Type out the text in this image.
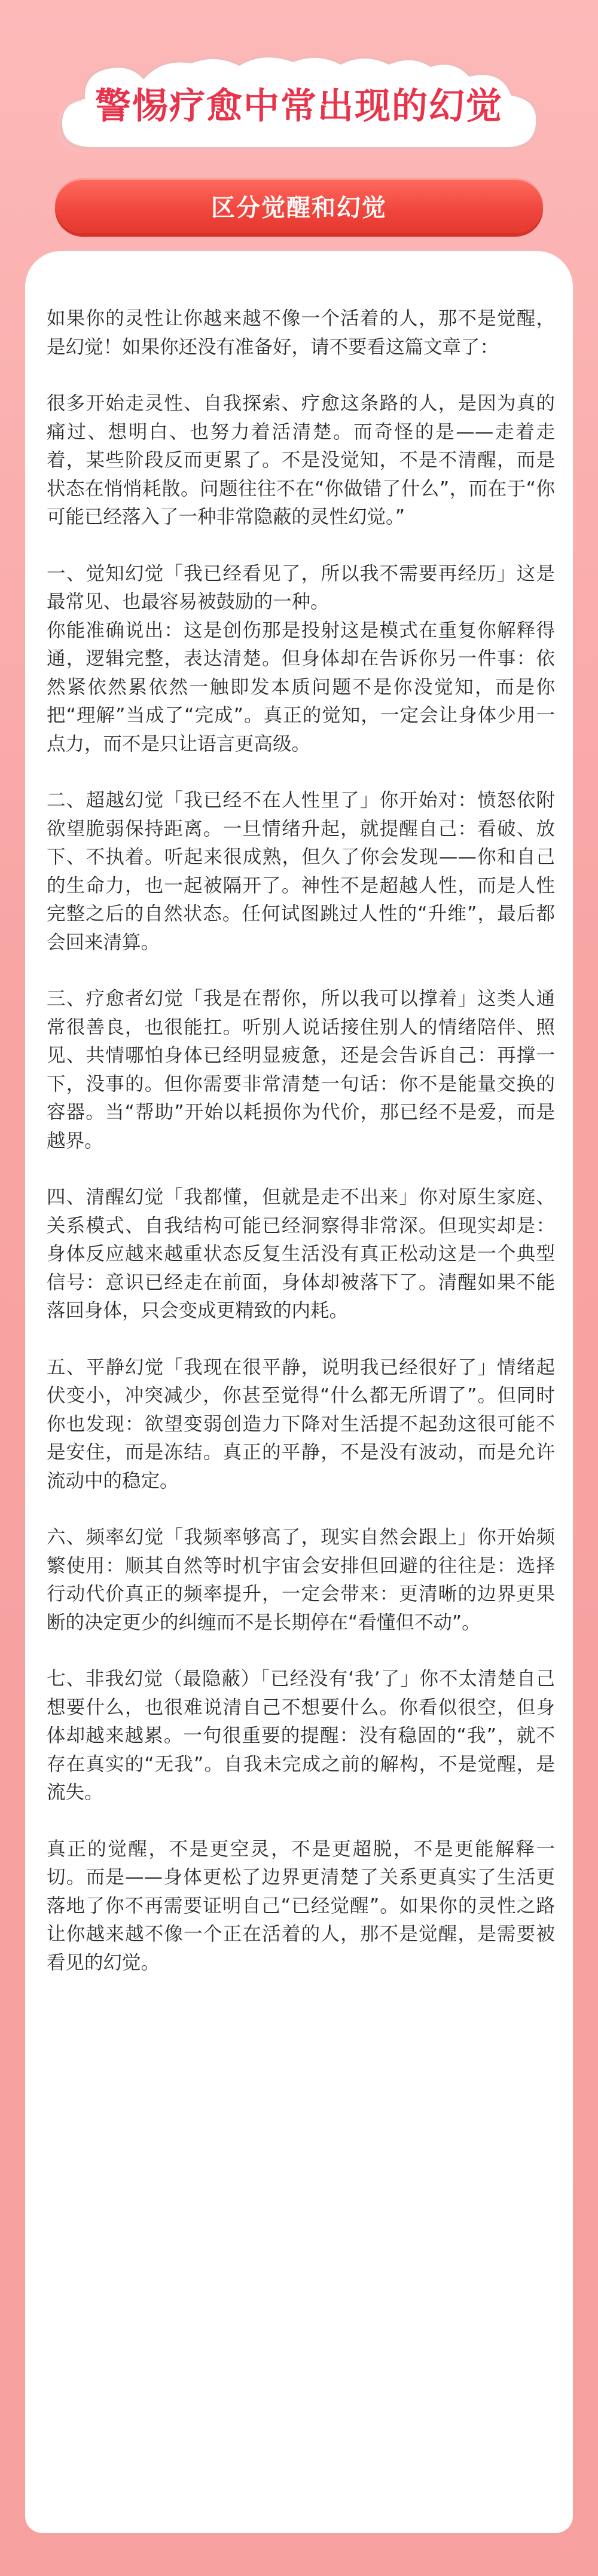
警惕疗愈中常出现的幻觉
区分觉醒和幻觉

如果你的灵性让你越来越不像一个活着的人，那不是觉醒，是幻觉！如果你还没有准备好，请不要看这篇文章了：

很多开始走灵性、自我探索、疗愈这条路的人，是因为真的痛过、想明白、也努力着活清楚。而奇怪的是——走着走着，某些阶段反而更累了。不是没觉知，不是不清醒，而是状态在悄悄耗散。问题往往不在“你做错了什么”，而在于“你可能已经落入了一种非常隐蔽的灵性幻觉。”

一、觉知幻觉「我已经看见了，所以我不需要再经历」这是最常见、也最容易被鼓励的一种。
你能准确说出：这是创伤那是投射这是模式在重复你解释得通，逻辑完整，表达清楚。但身体却在告诉你另一件事：依然紧依然累依然一触即发本质问题不是你没觉知，而是你把“理解”当成了“完成”。真正的觉知，一定会让身体少用一点力，而不是只让语言更高级。

二、超越幻觉「我已经不在人性里了」你开始对：愤怒依附欲望脆弱保持距离。一旦情绪升起，就提醒自己：看破、放下、不执着。听起来很成熟，但久了你会发现——你和自己的生命力，也一起被隔开了。神性不是超越人性，而是人性完整之后的自然状态。任何试图跳过人性的“升维”，最后都会回来清算。

三、疗愈者幻觉「我是在帮你，所以我可以撑着」这类人通常很善良，也很能扛。听别人说话接住别人的情绪陪伴、照见、共情哪怕身体已经明显疲惫，还是会告诉自己：再撑一下，没事的。但你需要非常清楚一句话：你不是能量交换的容器。当“帮助”开始以耗损你为代价，那已经不是爱，而是越界。

四、清醒幻觉「我都懂，但就是走不出来」你对原生家庭、关系模式、自我结构可能已经洞察得非常深。但现实却是：身体反应越来越重状态反复生活没有真正松动这是一个典型信号：意识已经走在前面，身体却被落下了。清醒如果不能落回身体，只会变成更精致的内耗。

五、平静幻觉「我现在很平静，说明我已经很好了」情绪起伏变小，冲突减少，你甚至觉得“什么都无所谓了”。但同时你也发现：欲望变弱创造力下降对生活提不起劲这很可能不是安住，而是冻结。真正的平静，不是没有波动，而是允许流动中的稳定。

六、频率幻觉「我频率够高了，现实自然会跟上」你开始频繁使用：顺其自然等时机宇宙会安排但回避的往往是：选择行动代价真正的频率提升，一定会带来：更清晰的边界更果断的决定更少的纠缠而不是长期停在“看懂但不动”。

七、非我幻觉（最隐蔽）「已经没有‘我’了」你不太清楚自己想要什么，也很难说清自己不想要什么。你看似很空，但身体却越来越累。一句很重要的提醒：没有稳固的“我”，就不存在真实的“无我”。自我未完成之前的解构，不是觉醒，是流失。

真正的觉醒，不是更空灵，不是更超脱，不是更能解释一切。而是——身体更松了边界更清楚了关系更真实了生活更落地了你不再需要证明自己“已经觉醒”。如果你的灵性之路让你越来越不像一个正在活着的人，那不是觉醒，是需要被看见的幻觉。
